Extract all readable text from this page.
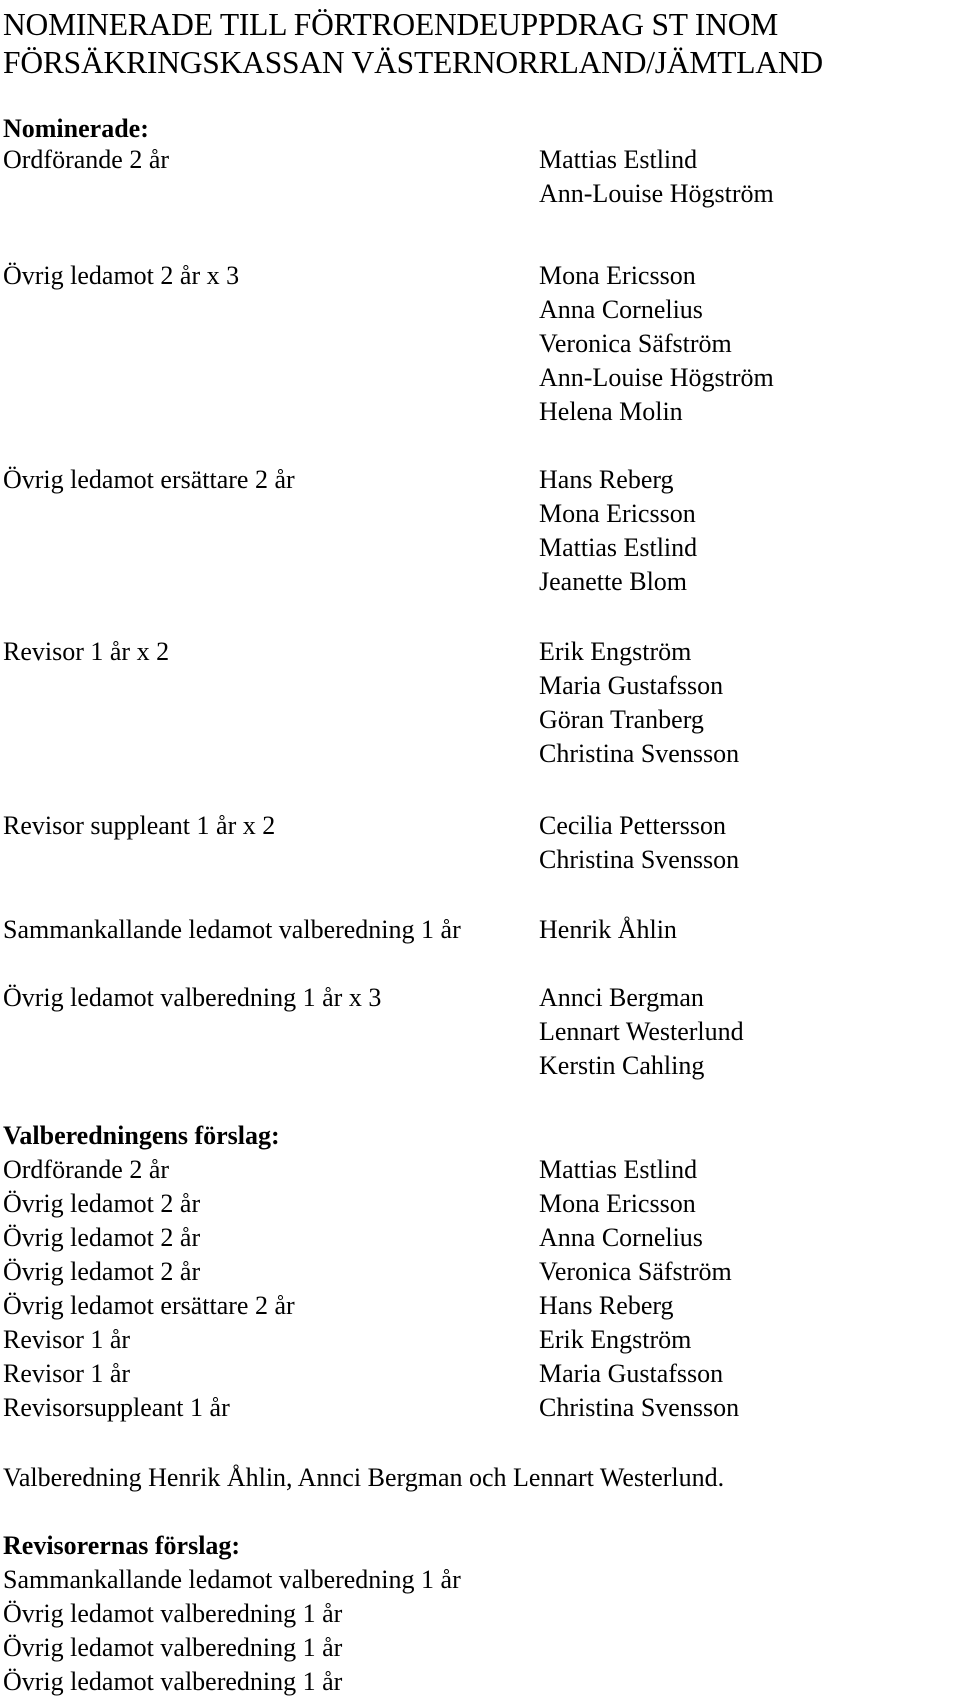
NOMINERADE TILL FÖRTROENDEUPPDRAG ST INOM
FÖRSÄKRINGSKASSAN VÄSTERNORRLAND/JÄMTLAND
Nominerade:
Ordförande 2 år	Mattias Estlind
Ann-Louise Högström
Övrig ledamot 2 år x 3	Mona Ericsson
Anna Cornelius
Veronica Säfström
Ann-Louise Högström
Helena Molin
Övrig ledamot ersättare 2 år	Hans Reberg
Mona Ericsson
Mattias Estlind
Jeanette Blom
Revisor 1 år x 2	Erik Engström
Maria Gustafsson
Göran Tranberg
Christina Svensson
Revisor suppleant 1 år x 2	Cecilia Pettersson
Christina Svensson
Sammankallande ledamot valberedning 1 år	Henrik Åhlin
Övrig ledamot valberedning 1 år x 3	Annci Bergman
Lennart Westerlund
Kerstin Cahling
Valberedningens förslag:
Ordförande 2 år	Mattias Estlind
Övrig ledamot 2 år	Mona Ericsson
Övrig ledamot 2 år	Anna Cornelius
Övrig ledamot 2 år	Veronica Säfström
Övrig ledamot ersättare 2 år	Hans Reberg
Revisor 1 år	Erik Engström
Revisor 1 år	Maria Gustafsson
Revisorsuppleant 1 år	Christina Svensson
Valberedning Henrik Åhlin, Annci Bergman och Lennart Westerlund.
Revisorernas förslag:
Sammankallande ledamot valberedning 1 år
Övrig ledamot valberedning 1 år
Övrig ledamot valberedning 1 år
Övrig ledamot valberedning 1 år
